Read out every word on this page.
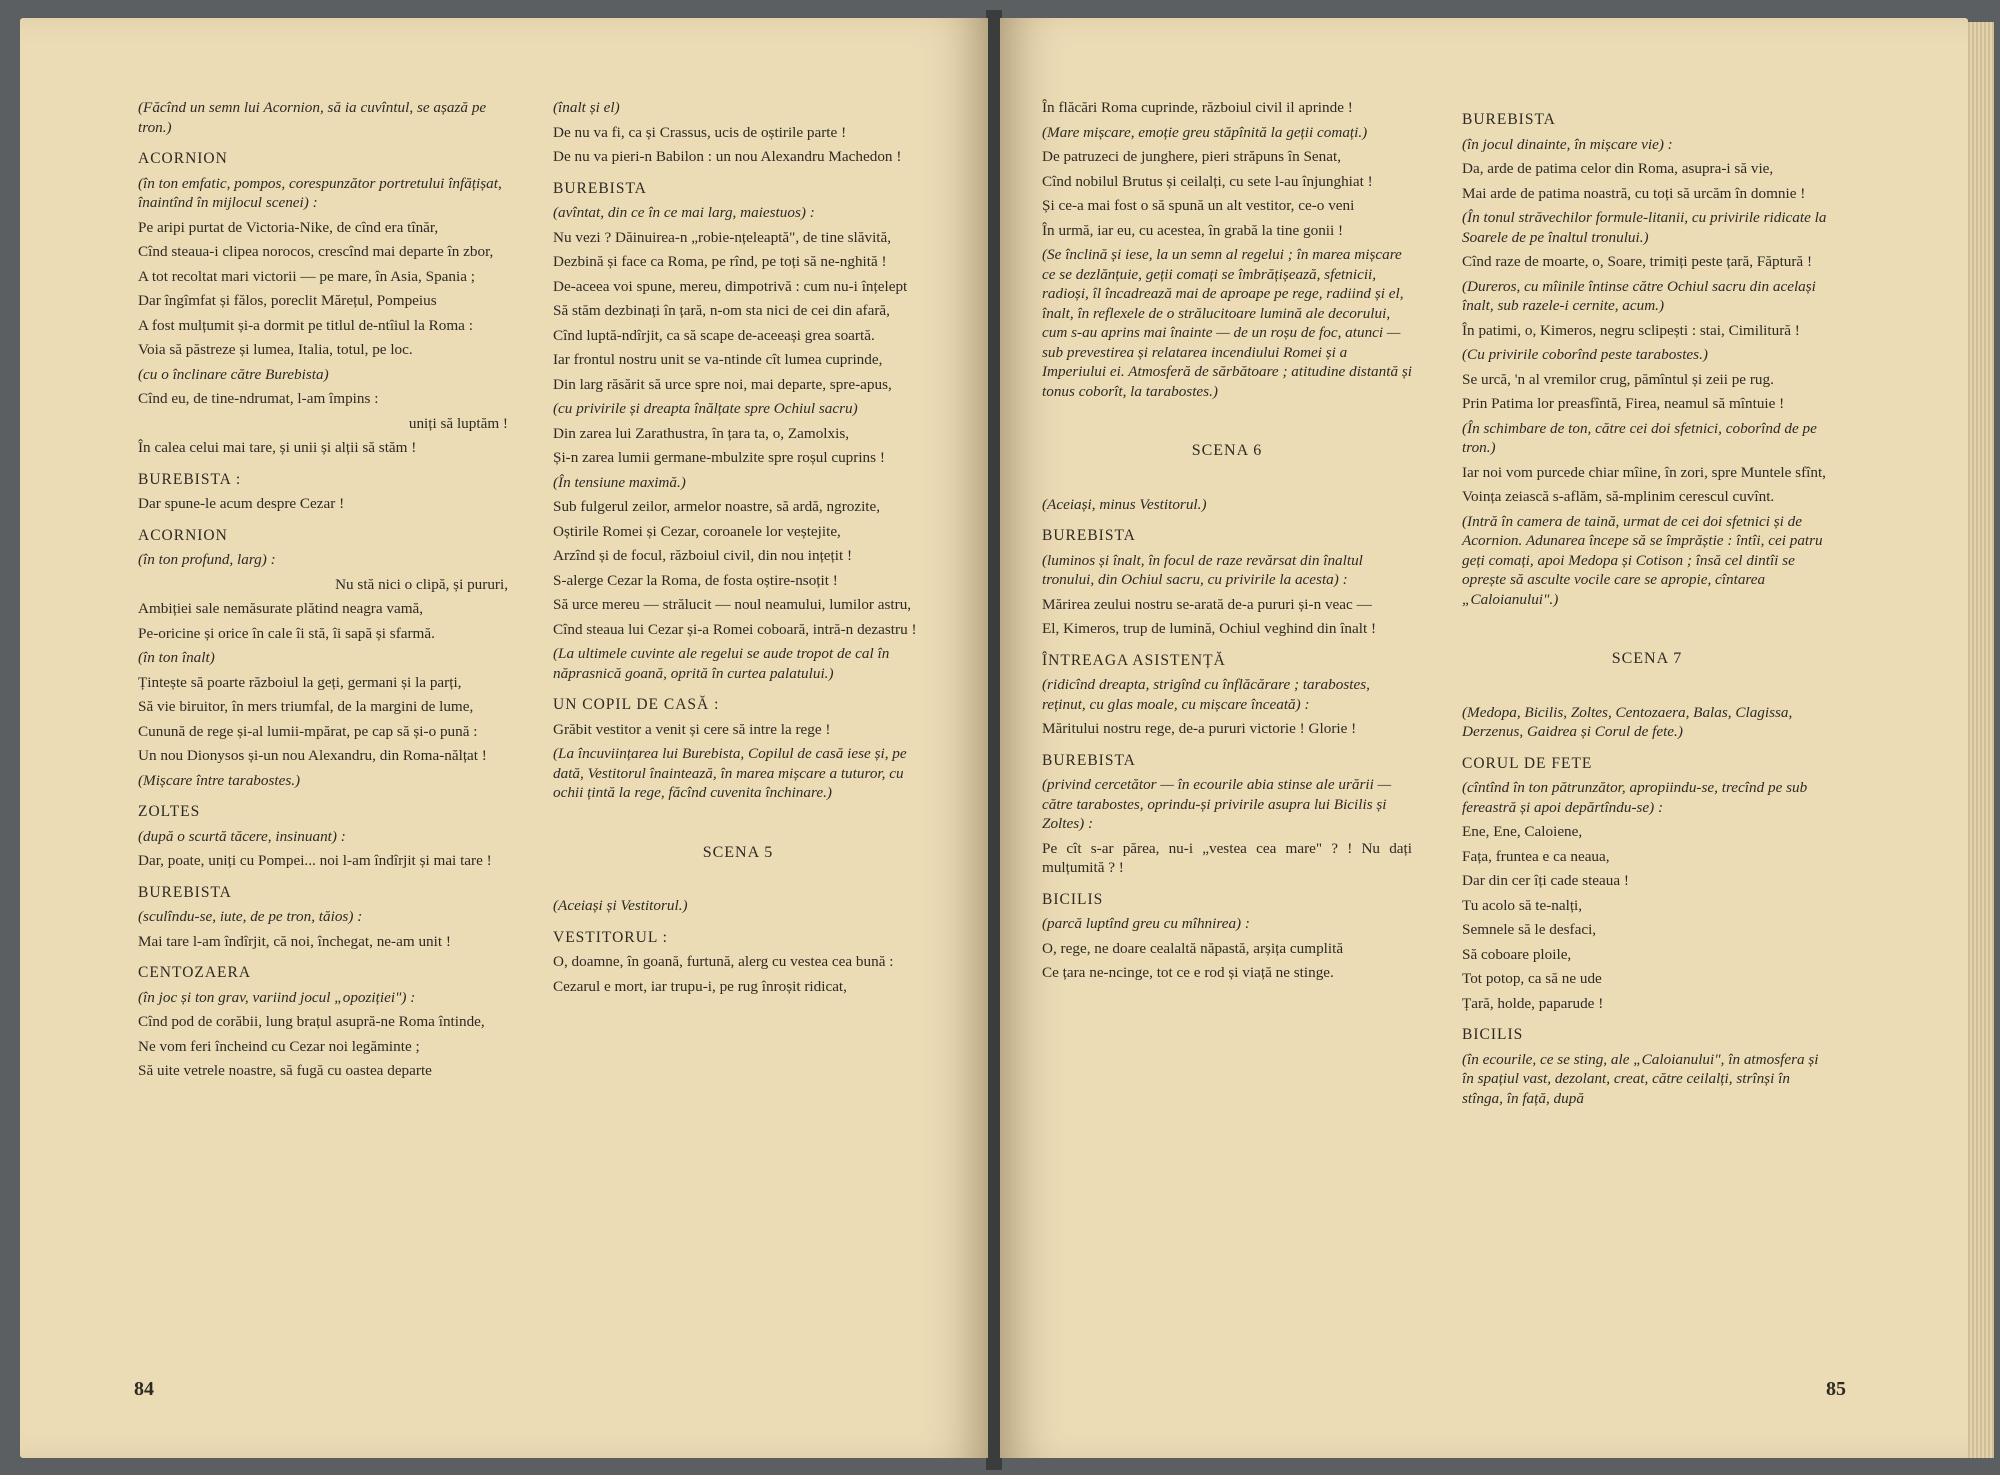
(Făcînd un semn lui Acornion, să ia cuvîntul, se așază pe tron.)

ACORNION

(în ton emfatic, pompos, corespunzător portretului înfățișat, înaintînd în mijlocul scenei) :

Pe aripi purtat de Victoria-Nike, de cînd era tînăr,

Cînd steaua-i clipea norocos, crescînd mai departe în zbor,

A tot recoltat mari victorii — pe mare, în Asia, Spania ;

Dar îngîmfat și fălos, poreclit Mărețul, Pompeius

A fost mulțumit și-a dormit pe titlul de-ntîiul la Roma :

Voia să păstreze și lumea, Italia, totul, pe loc.

(cu o înclinare către Burebista)

Cînd eu, de tine-ndrumat, l-am împins :

uniți să luptăm !

În calea celui mai tare, și unii și alții să stăm !

BUREBISTA :

Dar spune-le acum despre Cezar !

ACORNION

(în ton profund, larg) :

Nu stă nici o clipă, și pururi,

Ambiției sale nemăsurate plătind neagra vamă,

Pe-oricine și orice în cale îi stă, îi sapă și sfarmă.

(în ton înalt)

Țintește să poarte războiul la geți, germani și la parți,

Să vie biruitor, în mers triumfal, de la margini de lume,

Cunună de rege și-al lumii-mpărat, pe cap să și-o pună :

Un nou Dionysos și-un nou Alexandru, din Roma-nălțat !

(Mișcare între tarabostes.)

ZOLTES

(după o scurtă tăcere, insinuant) :

Dar, poate, uniți cu Pompei... noi l-am îndîrjit și mai tare !

BUREBISTA

(sculîndu-se, iute, de pe tron, tăios) :

Mai tare l-am îndîrjit, că noi, închegat, ne-am unit !

CENTOZAERA

(în joc și ton grav, variind jocul „opoziției") :

Cînd pod de corăbii, lung brațul asupră-ne Roma întinde,

Ne vom feri încheind cu Cezar noi legăminte ;

Să uite vetrele noastre, să fugă cu oastea departe

(înalt și el)

De nu va fi, ca și Crassus, ucis de oștirile parte !

De nu va pieri-n Babilon : un nou Alexandru Machedon !

BUREBISTA

(avîntat, din ce în ce mai larg, maiestuos) :

Nu vezi ? Dăinuirea-n „robie-nțeleaptă", de tine slăvită,

Dezbină și face ca Roma, pe rînd, pe toți să ne-nghită !

De-aceea voi spune, mereu, dimpotrivă : cum nu-i înțelept

Să stăm dezbinați în țară, n-om sta nici de cei din afară,

Cînd luptă-ndîrjit, ca să scape de-aceeași grea soartă.

Iar frontul nostru unit se va-ntinde cît lumea cuprinde,

Din larg răsărit să urce spre noi, mai departe, spre-apus,

(cu privirile și dreapta înălțate spre Ochiul sacru)

Din zarea lui Zarathustra, în țara ta, o, Zamolxis,

Și-n zarea lumii germane-mbulzite spre roșul cuprins !

(În tensiune maximă.)

Sub fulgerul zeilor, armelor noastre, să ardă, ngrozite,

Oștirile Romei și Cezar, coroanele lor veștejite,

Arzînd și de focul, războiul civil, din nou ințețit !

S-alerge Cezar la Roma, de fosta oștire-nsoțit !

Să urce mereu — strălucit — noul neamului, lumilor astru,

Cînd steaua lui Cezar și-a Romei coboară, intră-n dezastru !

(La ultimele cuvinte ale regelui se aude tropot de cal în năprasnică goană, oprită în curtea palatului.)

UN COPIL DE CASĂ :

Grăbit vestitor a venit și cere să intre la rege !

(La încuviințarea lui Burebista, Copilul de casă iese și, pe dată, Vestitorul înaintează, în marea mișcare a tuturor, cu ochii țintă la rege, făcînd cuvenita închinare.)

SCENA 5

(Aceiași și Vestitorul.)

VESTITORUL :

O, doamne, în goană, furtună, alerg cu vestea cea bună :

Cezarul e mort, iar trupu-i, pe rug înroșit ridicat,

84

În flăcări Roma cuprinde, războiul civil il aprinde !

(Mare mișcare, emoție greu stăpînită la geții comați.)

De patruzeci de junghere, pieri străpuns în Senat,

Cînd nobilul Brutus și ceilalți, cu sete l-au înjunghiat !

Și ce-a mai fost o să spună un alt vestitor, ce-o veni

În urmă, iar eu, cu acestea, în grabă la tine gonii !

(Se înclină și iese, la un semn al regelui ; în marea mișcare ce se dezlănțuie, geții comați se îmbrățișează, sfetnicii, radioși, îl încadrează mai de aproape pe rege, radiind și el, înalt, în reflexele de o strălucitoare lumină ale decorului, cum s-au aprins mai înainte — de un roșu de foc, atunci — sub prevestirea și relatarea incendiului Romei și a Imperiului ei. Atmosferă de sărbătoare ; atitudine distantă și tonus coborît, la tarabostes.)

SCENA 6

(Aceiași, minus Vestitorul.)

BUREBISTA

(luminos și înalt, în focul de raze revărsat din înaltul tronului, din Ochiul sacru, cu privirile la acesta) :

Mărirea zeului nostru se-arată de-a pururi și-n veac —

El, Kimeros, trup de lumină, Ochiul veghind din înalt !

ÎNTREAGA ASISTENȚĂ

(ridicînd dreapta, strigînd cu înflăcărare ; tarabostes, reținut, cu glas moale, cu mișcare înceată) :

Măritului nostru rege, de-a pururi victorie ! Glorie !

BUREBISTA

(privind cercetător — în ecourile abia stinse ale urării — către tarabostes, oprindu-și privirile asupra lui Bicilis și Zoltes) :

Pe cît s-ar părea, nu-i „vestea cea mare" ? ! Nu dați mulțumită ? !

BICILIS

(parcă luptînd greu cu mîhnirea) :

O, rege, ne doare cealaltă năpastă, arșița cumplită

Ce țara ne-ncinge, tot ce e rod și viață ne stinge.

BUREBISTA

(în jocul dinainte, în mișcare vie) :

Da, arde de patima celor din Roma, asupra-i să vie,

Mai arde de patima noastră, cu toți să urcăm în domnie !

(În tonul străvechilor formule-litanii, cu privirile ridicate la Soarele de pe înaltul tronului.)

Cînd raze de moarte, o, Soare, trimiți peste țară, Făptură !

(Dureros, cu mîinile întinse către Ochiul sacru din același înalt, sub razele-i cernite, acum.)

În patimi, o, Kimeros, negru sclipești : stai, Cimilitură !

(Cu privirile coborînd peste tarabostes.)

Se urcă, 'n al vremilor crug, pămîntul și zeii pe rug.

Prin Patima lor preasfîntă, Firea, neamul să mîntuie !

(În schimbare de ton, către cei doi sfetnici, coborînd de pe tron.)

Iar noi vom purcede chiar mîine, în zori, spre Muntele sfînt,

Voința zeiască s-aflăm, să-mplinim cerescul cuvînt.

(Intră în camera de taină, urmat de cei doi sfetnici și de Acornion. Adunarea începe să se împrăștie : întîi, cei patru geți comați, apoi Medopa și Cotison ; însă cel dintîi se oprește să asculte vocile care se apropie, cîntarea „Caloianului".)

SCENA 7

(Medopa, Bicilis, Zoltes, Centozaera, Balas, Clagissa, Derzenus, Gaidrea și Corul de fete.)

CORUL DE FETE

(cîntînd în ton pătrunzător, apropiindu-se, trecînd pe sub fereastră și apoi depărtîndu-se) :

Ene, Ene, Caloiene,

Fața, fruntea e ca neaua,

Dar din cer îți cade steaua !

Tu acolo să te-nalți,

Semnele să le desfaci,

Să coboare ploile,

Tot potop, ca să ne ude

Țară, holde, paparude !

BICILIS

(în ecourile, ce se sting, ale „Caloianului", în atmosfera și în spațiul vast, dezolant, creat, către ceilalți, strînși în stînga, în față, după

85
